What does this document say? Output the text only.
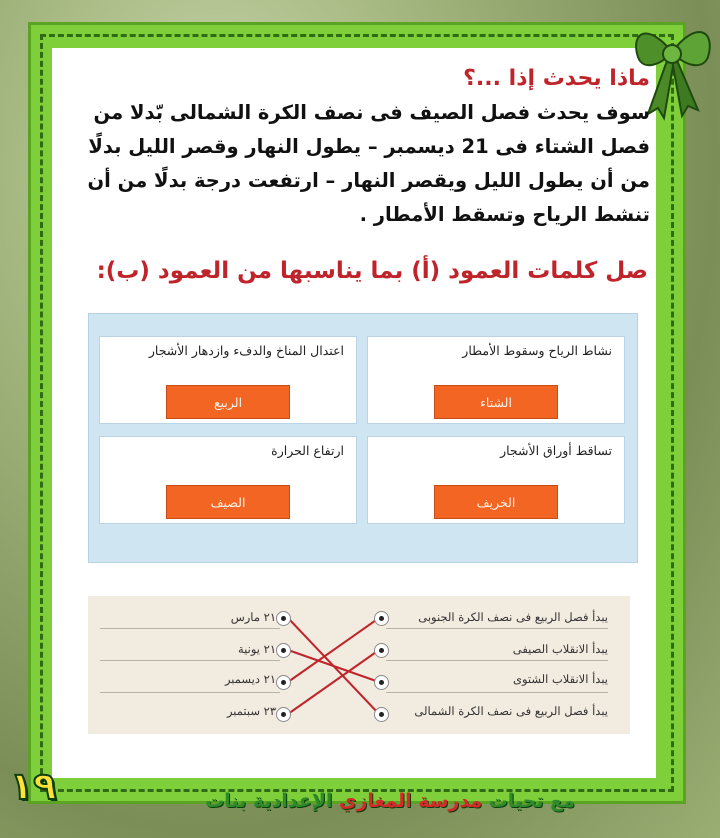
ماذا يحدث إذا ...؟
سوف يحدث فصل الصيف فى نصف الكرة الشمالى بّدلا من فصل الشتاء فى 21 ديسمبر – يطول النهار وقصر الليل بدلًا من أن يطول الليل ويقصر النهار – ارتفعت درجة بدلًا من أن تنشط الرياح وتسقط الأمطار .
صل كلمات العمود (أ) بما يناسبها من العمود (ب):
نشاط الرياح وسقوط الأمطار
الشتاء
اعتدال المناخ والدفء وازدهار الأشجار
الربيع
تساقط أوراق الأشجار
الخريف
ارتفاع الحرارة
الصيف
يبدأ فصل الربيع فى نصف الكرة الجنوبى
يبدأ الانقلاب الصيفى
يبدأ الانقلاب الشتوى
يبدأ فصل الربيع فى نصف الكرة الشمالى
٢١ مارس
٢١ يونية
٢١ ديسمبر
٢٣ سبتمبر
مع تحيات مدرسة المغازي الإعدادية بنات
١٩
